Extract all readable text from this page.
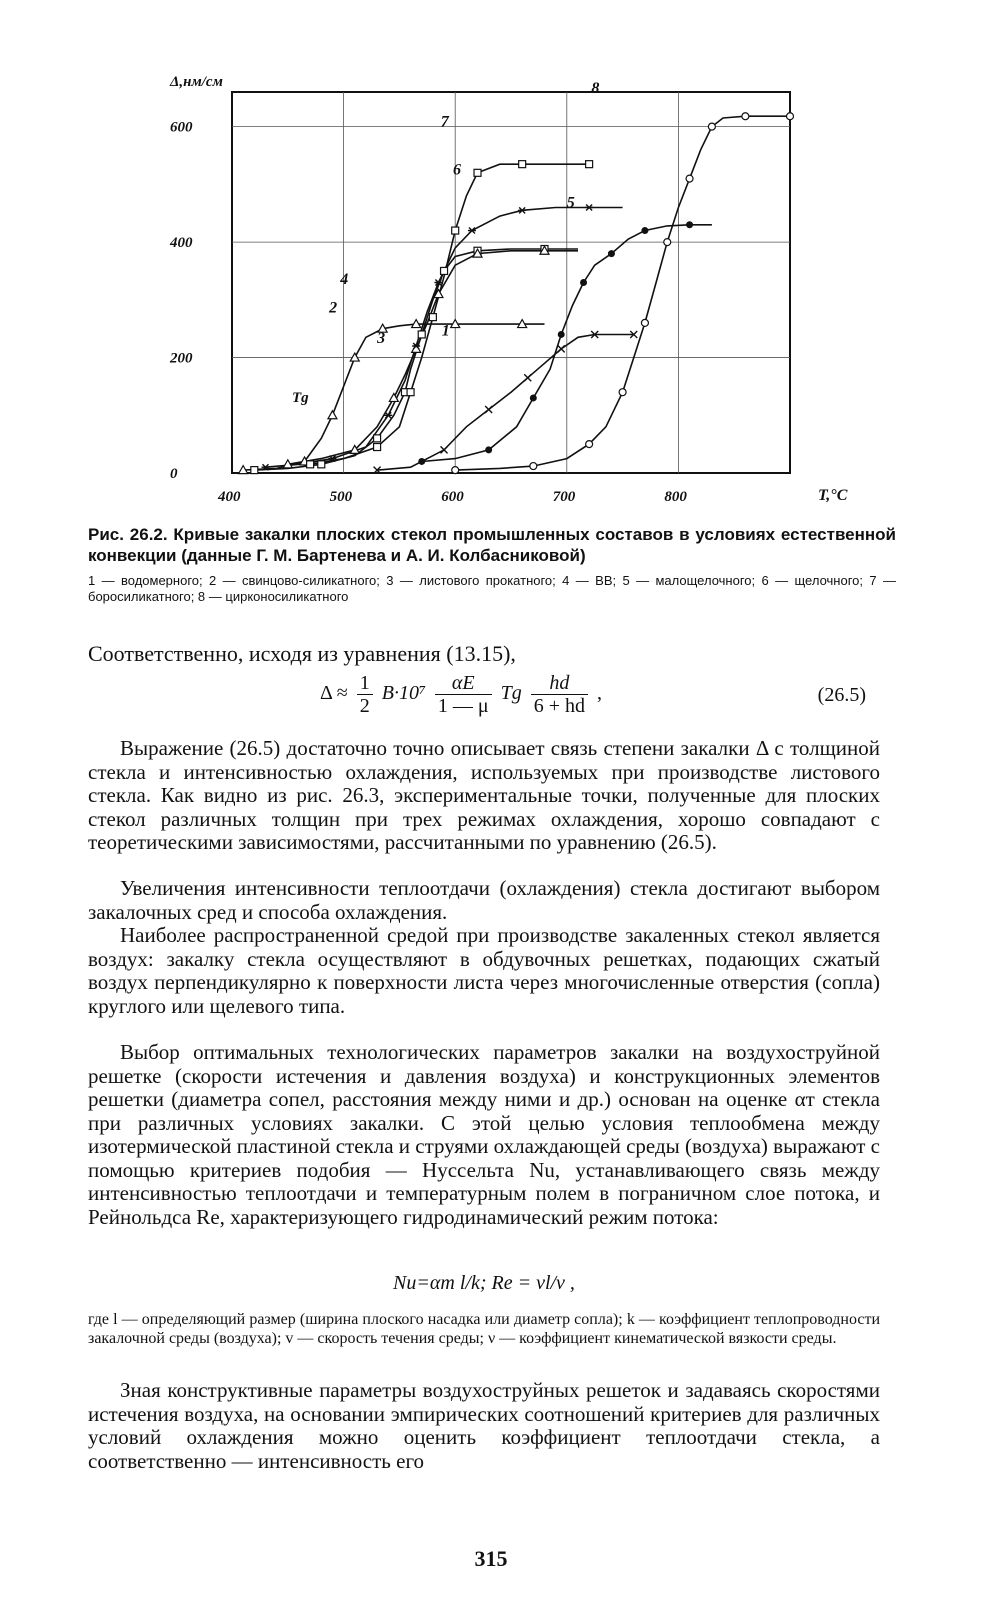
400	500	600	700	800
0
200
400
600
Δ,нм/см
T,°C
Tg
1
2
3
4
5
6
7
8
Рис. 26.2. Кривые закалки плоских стекол промышленных составов в условиях естественной конвекции (данные Г. М. Бартенева и А. И. Колбасниковой)
1 — водомерного; 2 — свинцово-силикатного; 3 — листового прокатного; 4 — ВВ; 5 — малощелочного; 6 — щелочного; 7 — боросиликатного; 8 — цирконосиликатного
Соответственно, исходя из уравнения (13.15),
$\Delta \approx \frac{1}{2} B\cdot 10^7 \frac{\alpha E}{1 — \mu}$ Tg $\frac{hd}{6 + hd}$ ,	(26.5)
Выражение (26.5) достаточно точно описывает связь степени закалки Δ с толщиной стекла и интенсивностью охлаждения, используемых при производстве листового стекла. Как видно из рис. 26.3, экспериментальные точки, полученные для плоских стекол различных толщин при трех режимах охлаждения, хорошо совпадают с теоретическими зависимостями, рассчитанными по уравнению (26.5).
Увеличения интенсивности теплоотдачи (охлаждения) стекла достигают выбором закалочных сред и способа охлаждения.
Наиболее распространенной средой при производстве закаленных стекол является воздух: закалку стекла осуществляют в обдувочных решетках, подающих сжатый воздух перпендикулярно к поверхности листа через многочисленные отверстия (сопла) круглого или щелевого типа.
Выбор оптимальных технологических параметров закалки на воздухоструйной решетке (скорости истечения и давления воздуха) и конструкционных элементов решетки (диаметра сопел, расстояния между ними и др.) основан на оценке αт стекла при различных условиях закалки. С этой целью условия теплообмена между изотермической пластиной стекла и струями охлаждающей среды (воздуха) выражают с помощью критериев подобия — Нуссельта Nu, устанавливающего связь между интенсивностью теплоотдачи и температурным полем в пограничном слое потока, и Рейнольдса Re, характеризующего гидродинамический режим потока:
Nu=αт l/k; Re = vl/ν ,
где l — определяющий размер (ширина плоского насадка или диаметр сопла); k — коэффициент теплопроводности закалочной среды (воздуха); v — скорость течения среды; ν — коэффициент кинематической вязкости среды.
Зная конструктивные параметры воздухоструйных решеток и задаваясь скоростями истечения воздуха, на основании эмпирических соотношений критериев для различных условий охлаждения можно оценить коэффициент теплоотдачи стекла, а соответственно — интенсивность его
315
